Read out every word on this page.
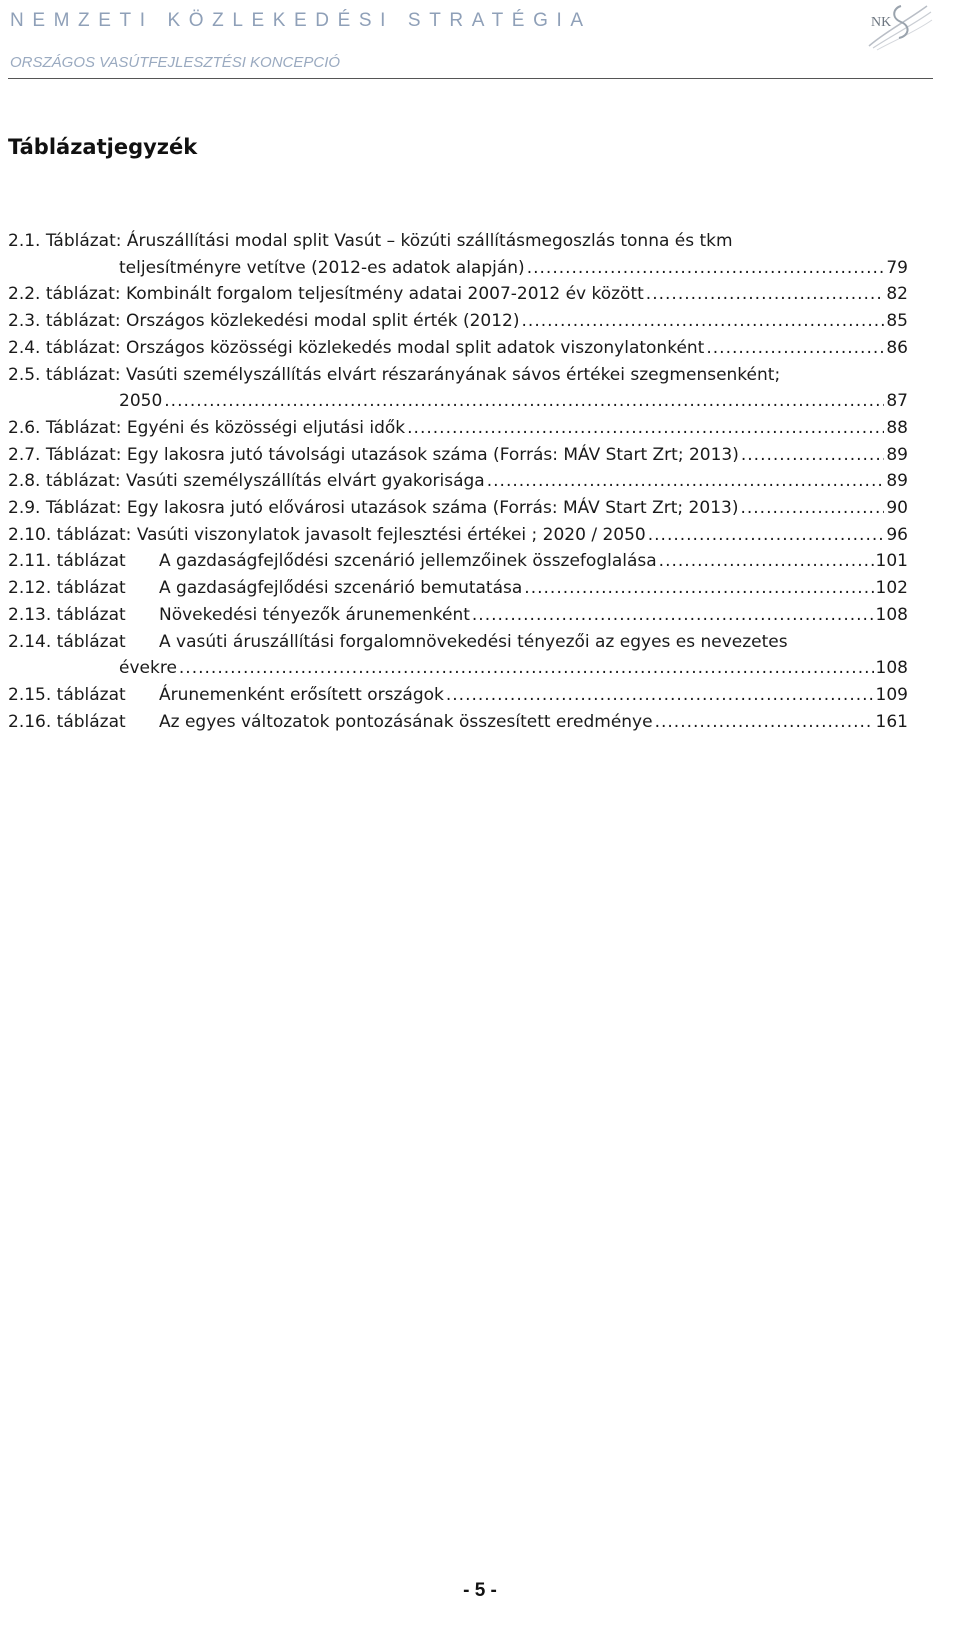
NEMZETI KÖZLEKEDÉSI STRATÉGIA
ORSZÁGOS VASÚTFEJLESZTÉSI KONCEPCIÓ
NK
Táblázatjegyzék
2.1. Táblázat:
Áruszállítási modal split Vasút – közúti szállításmegoszlás tonna és tkm
teljesítményre vetítve (2012-es adatok alapján) .....	79
2.2. táblázat:
Kombinált forgalom teljesítmény adatai 2007-2012 év között .....	82
2.3. táblázat:
Országos közlekedési modal split érték (2012) .....	85
2.4. táblázat:
Országos közösségi közlekedés modal split adatok viszonylatonként .....	86
2.5. táblázat:
Vasúti személyszállítás elvárt részarányának sávos értékei szegmensenként;
2050 .....	87
2.6. Táblázat:
Egyéni és közösségi eljutási idők .....	88
2.7. Táblázat:
Egy lakosra jutó távolsági utazások száma (Forrás: MÁV Start Zrt; 2013) .....	89
2.8. táblázat:
Vasúti személyszállítás elvárt gyakorisága .....	89
2.9. Táblázat:
Egy lakosra jutó elővárosi utazások száma (Forrás: MÁV Start Zrt; 2013) .....	90
2.10. táblázat:
Vasúti viszonylatok javasolt fejlesztési értékei ; 2020 / 2050 .....	96
2.11. táblázat	A gazdaságfejlődési szcenárió jellemzőinek összefoglalása .....	101
2.12. táblázat	A gazdaságfejlődési szcenárió bemutatása .....	102
2.13. táblázat	Növekedési tényezők árunemenként .....	108
2.14. táblázat	A vasúti áruszállítási forgalomnövekedési tényezői az egyes es nevezetes
évekre .....	108
2.15. táblázat	Árunemenként erősített országok .....	109
2.16. táblázat	Az egyes változatok pontozásának összesített eredménye .....	161
- 5 -
